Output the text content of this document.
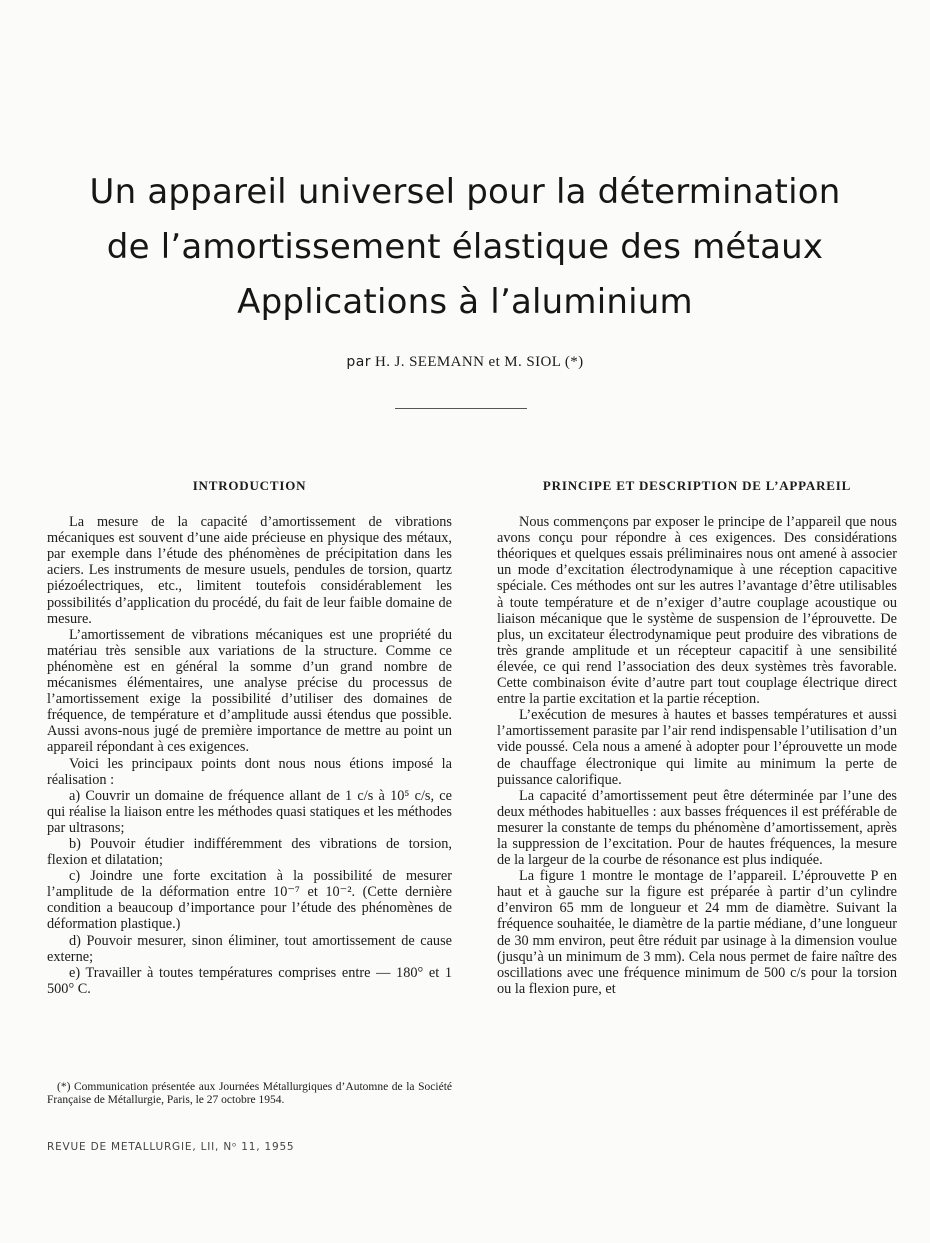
Un appareil universel pour la détermination
de l’amortissement élastique des métaux
Applications à l’aluminium
par H. J. SEEMANN et M. SIOL (*)
INTRODUCTION

La mesure de la capacité d’amortissement de vibrations mécaniques est souvent d’une aide précieuse en physique des métaux, par exemple dans l’étude des phénomènes de précipitation dans les aciers. Les instruments de mesure usuels, pendules de torsion, quartz piézoélectriques, etc., limitent toutefois considérablement les possibilités d’application du procédé, du fait de leur faible domaine de mesure.

L’amortissement de vibrations mécaniques est une propriété du matériau très sensible aux variations de la structure. Comme ce phénomène est en général la somme d’un grand nombre de mécanismes élémentaires, une analyse précise du processus de l’amortissement exige la possibilité d’utiliser des domaines de fréquence, de température et d’amplitude aussi étendus que possible. Aussi avons-nous jugé de première importance de mettre au point un appareil répondant à ces exigences.

Voici les principaux points dont nous nous étions imposé la réalisation :

a) Couvrir un domaine de fréquence allant de 1 c/s à 10⁵ c/s, ce qui réalise la liaison entre les méthodes quasi statiques et les méthodes par ultrasons;

b) Pouvoir étudier indifféremment des vibrations de torsion, flexion et dilatation;

c) Joindre une forte excitation à la possibilité de mesurer l’amplitude de la déformation entre 10⁻⁷ et 10⁻². (Cette dernière condition a beaucoup d’importance pour l’étude des phénomènes de déformation plastique.)

d) Pouvoir mesurer, sinon éliminer, tout amortissement de cause externe;

e) Travailler à toutes températures comprises entre — 180° et 1 500° C.

PRINCIPE ET DESCRIPTION DE L’APPAREIL

Nous commençons par exposer le principe de l’appareil que nous avons conçu pour répondre à ces exigences. Des considérations théoriques et quelques essais préliminaires nous ont amené à associer un mode d’excitation électrodynamique à une réception capacitive spéciale. Ces méthodes ont sur les autres l’avantage d’être utilisables à toute température et de n’exiger d’autre couplage acoustique ou liaison mécanique que le système de suspension de l’éprouvette. De plus, un excitateur électrodynamique peut produire des vibrations de très grande amplitude et un récepteur capacitif à une sensibilité élevée, ce qui rend l’association des deux systèmes très favorable. Cette combinaison évite d’autre part tout couplage électrique direct entre la partie excitation et la partie réception.

L’exécution de mesures à hautes et basses températures et aussi l’amortissement parasite par l’air rend indispensable l’utilisation d’un vide poussé. Cela nous a amené à adopter pour l’éprouvette un mode de chauffage électronique qui limite au minimum la perte de puissance calorifique.

La capacité d’amortissement peut être déterminée par l’une des deux méthodes habituelles : aux basses fréquences il est préférable de mesurer la constante de temps du phénomène d’amortissement, après la suppression de l’excitation. Pour de hautes fréquences, la mesure de la largeur de la courbe de résonance est plus indiquée.

La figure 1 montre le montage de l’appareil. L’éprouvette P en haut et à gauche sur la figure est préparée à partir d’un cylindre d’environ 65 mm de longueur et 24 mm de diamètre. Suivant la fréquence souhaitée, le diamètre de la partie médiane, d’une longueur de 30 mm environ, peut être réduit par usinage à la dimension voulue (jusqu’à un minimum de 3 mm). Cela nous permet de faire naître des oscillations avec une fréquence minimum de 500 c/s pour la torsion ou la flexion pure, et

(*) Communication présentée aux Journées Métallurgiques d’Automne de la Société Française de Métallurgie, Paris, le 27 octobre 1954.

REVUE DE METALLURGIE, LII, Nᵒ 11, 1955
